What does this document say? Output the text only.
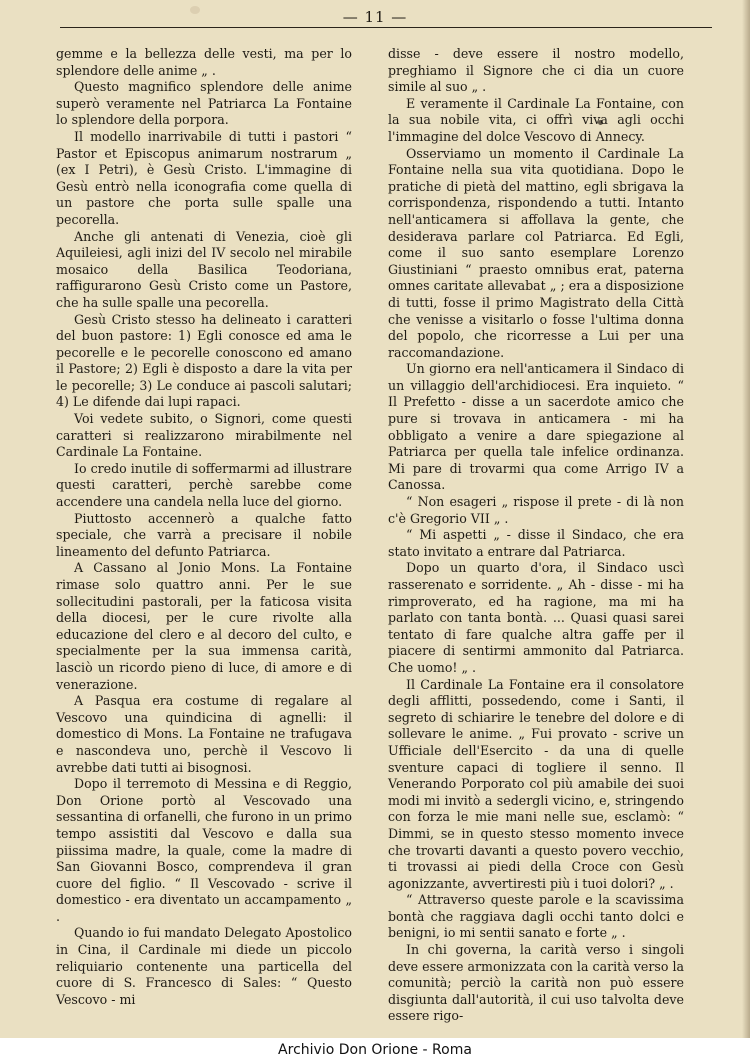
— 11 —

gemme e la bellezza delle vesti, ma per lo splendore delle anime „ .

Questo magnifico splendore delle anime superò veramente nel Patriarca La Fontaine lo splendore della porpora.

Il modello inarrivabile di tutti i pastori “ Pastor et Episcopus animarum nostrarum „ (ex I Petri), è Gesù Cristo. L'immagine di Gesù entrò nella iconografia come quella di un pastore che porta sulle spalle una pecorella.

Anche gli antenati di Venezia, cioè gli Aquileiesi, agli inizi del IV secolo nel mirabile mosaico della Basilica Teodoriana, raffigurarono Gesù Cristo come un Pastore, che ha sulle spalle una pecorella.

Gesù Cristo stesso ha delineato i caratteri del buon pastore: 1) Egli conosce ed ama le pecorelle e le pecorelle conoscono ed amano il Pastore; 2) Egli è disposto a dare la vita per le pecorelle; 3) Le conduce ai pascoli salutari; 4) Le difende dai lupi rapaci.

Voi vedete subito, o Signori, come questi caratteri si realizzarono mirabilmente nel Cardinale La Fontaine.

Io credo inutile di soffermarmi ad illustrare questi caratteri, perchè sarebbe come accendere una candela nella luce del giorno.

Piuttosto accennerò a qualche fatto speciale, che varrà a precisare il nobile lineamento del defunto Patriarca.

A Cassano al Jonio Mons. La Fontaine rimase solo quattro anni. Per le sue sollecitudini pastorali, per la faticosa visita della diocesi, per le cure rivolte alla educazione del clero e al decoro del culto, e specialmente per la sua immensa carità, lasciò un ricordo pieno di luce, di amore e di venerazione.

A Pasqua era costume di regalare al Vescovo una quindicina di agnelli: il domestico di Mons. La Fontaine ne trafugava e nascondeva uno, perchè il Vescovo li avrebbe dati tutti ai bisognosi.

Dopo il terremoto di Messina e di Reggio, Don Orione portò al Vescovado una sessantina di orfanelli, che furono in un primo tempo assistiti dal Vescovo e dalla sua piissima madre, la quale, come la madre di San Giovanni Bosco, comprendeva il gran cuore del figlio. “ Il Vescovado - scrive il domestico - era diventato un accampamento „ .

Quando io fui mandato Delegato Apostolico in Cina, il Cardinale mi diede un piccolo reliquiario contenente una particella del cuore di S. Francesco di Sales: “ Questo Vescovo - mi

disse - deve essere il nostro modello, preghiamo il Signore che ci dia un cuore simile al suo „ .

E veramente il Cardinale La Fontaine, con la sua nobile vita, ci offrì viva agli occhi l'immagine del dolce Vescovo di Annecy.

Osserviamo un momento il Cardinale La Fontaine nella sua vita quotidiana. Dopo le pratiche di pietà del mattino, egli sbrigava la corrispondenza, rispondendo a tutti. Intanto nell'anticamera si affollava la gente, che desiderava parlare col Patriarca. Ed Egli, come il suo santo esemplare Lorenzo Giustiniani “ praesto omnibus erat, paterna omnes caritate allevabat „ ; era a disposizione di tutti, fosse il primo Magistrato della Città che venisse a visitarlo o fosse l'ultima donna del popolo, che ricorresse a Lui per una raccomandazione.

Un giorno era nell'anticamera il Sindaco di un villaggio dell'archidiocesi. Era inquieto. “ Il Prefetto - disse a un sacerdote amico che pure si trovava in anticamera - mi ha obbligato a venire a dare spiegazione al Patriarca per quella tale infelice ordinanza. Mi pare di trovarmi qua come Arrigo IV a Canossa.

“ Non esageri „ rispose il prete - di là non c'è Gregorio VII „ .

“ Mi aspetti „ - disse il Sindaco, che era stato invitato a entrare dal Patriarca.

Dopo un quarto d'ora, il Sindaco uscì rasserenato e sorridente. „ Ah - disse - mi ha rimproverato, ed ha ragione, ma mi ha parlato con tanta bontà. ... Quasi quasi sarei tentato di fare qualche altra gaffe per il piacere di sentirmi ammonito dal Patriarca. Che uomo! „ .

Il Cardinale La Fontaine era il consolatore degli afflitti, possedendo, come i Santi, il segreto di schiarire le tenebre del dolore e di sollevare le anime. „ Fui provato - scrive un Ufficiale dell'Esercito - da una di quelle sventure capaci di togliere il senno. Il Venerando Porporato col più amabile dei suoi modi mi invitò a sedergli vicino, e, stringendo con forza le mie mani nelle sue, esclamò: “ Dimmi, se in questo stesso momento invece che trovarti davanti a questo povero vecchio, ti trovassi ai piedi della Croce con Gesù agonizzante, avvertiresti più i tuoi dolori? „ .

“ Attraverso queste parole e la scavissima bontà che raggiava dagli occhi tanto dolci e benigni, io mi sentii sanato e forte „ .

In chi governa, la carità verso i singoli deve essere armonizzata con la carità verso la comunità; perciò la carità non può essere disgiunta dall'autorità, il cui uso talvolta deve essere rigo-

Archivio Don Orione - Roma
